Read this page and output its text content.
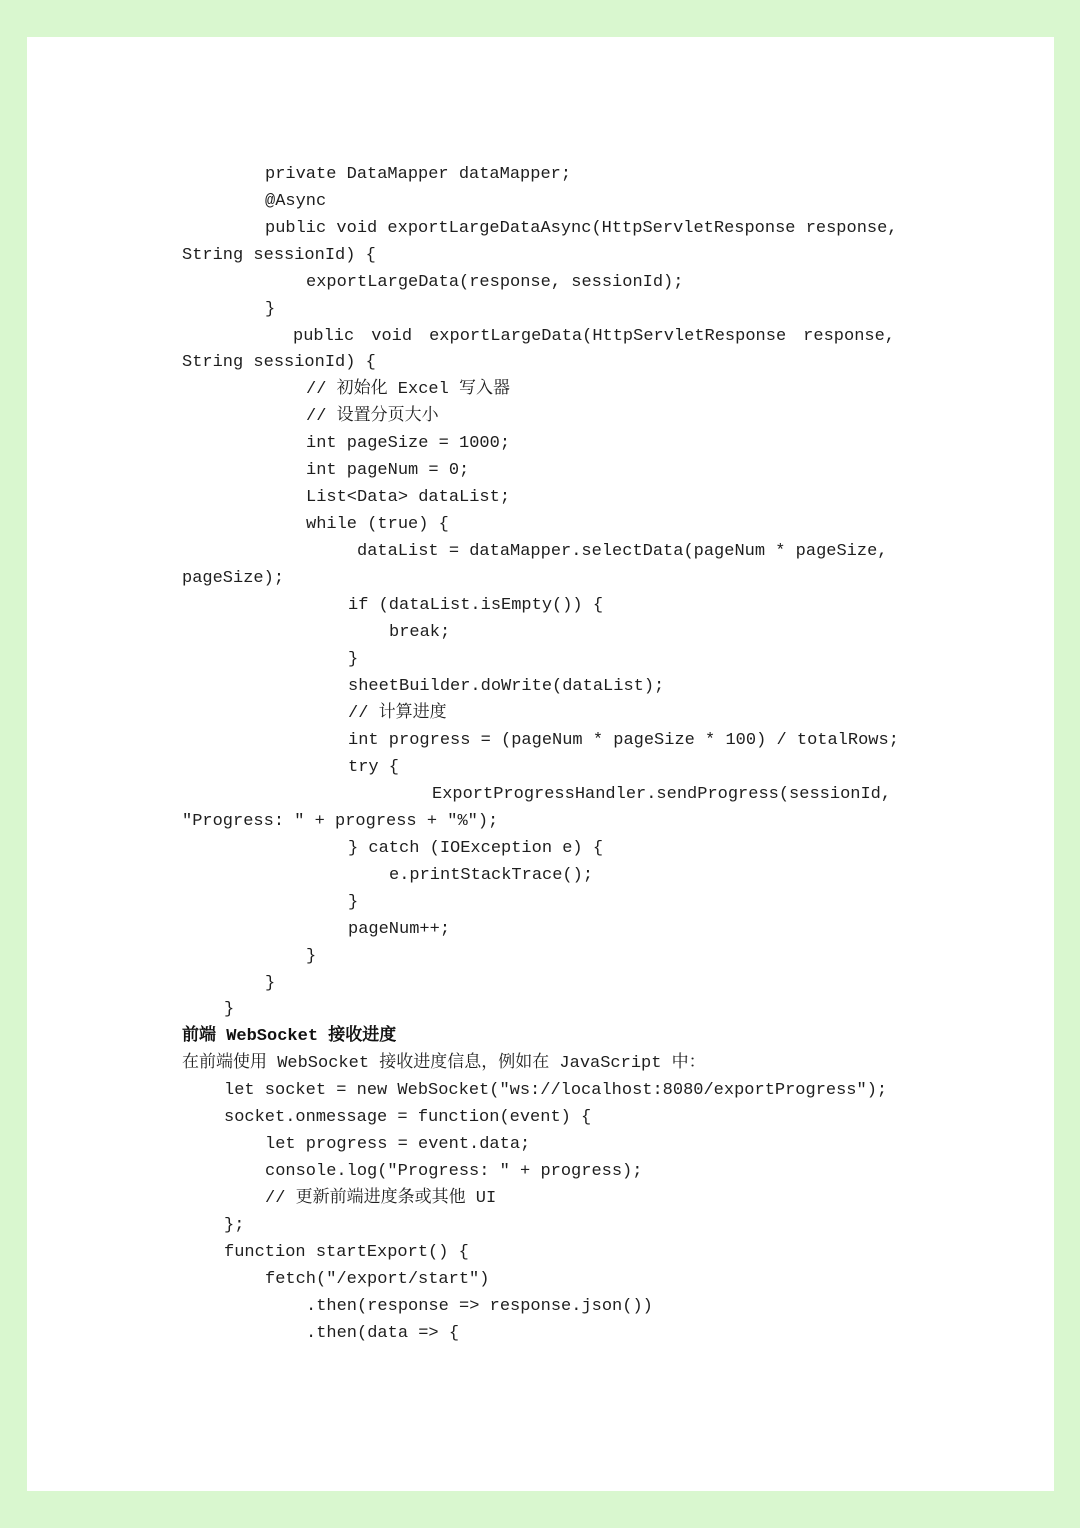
private DataMapper dataMapper;
@Async
public void exportLargeDataAsync(HttpServletResponse response,
String sessionId) {
exportLargeData(response, sessionId);
}
public void exportLargeData(HttpServletResponse response,
String sessionId) {
// 初始化 Excel 写入器
// 设置分页大小
int pageSize = 1000;
int pageNum = 0;
List<Data> dataList;
while (true) {
dataList = dataMapper.selectData(pageNum * pageSize,
pageSize);
if (dataList.isEmpty()) {
break;
}
sheetBuilder.doWrite(dataList);
// 计算进度
int progress = (pageNum * pageSize * 100) / totalRows;
try {
ExportProgressHandler.sendProgress(sessionId,
"Progress: " + progress + "%");
} catch (IOException e) {
e.printStackTrace();
}
pageNum++;
}
}
}
前端 WebSocket 接收进度
在前端使用 WebSocket 接收进度信息，例如在 JavaScript 中：
let socket = new WebSocket("ws://localhost:8080/exportProgress");
socket.onmessage = function(event) {
let progress = event.data;
console.log("Progress: " + progress);
// 更新前端进度条或其他 UI
};
function startExport() {
fetch("/export/start")
.then(response => response.json())
.then(data => {
